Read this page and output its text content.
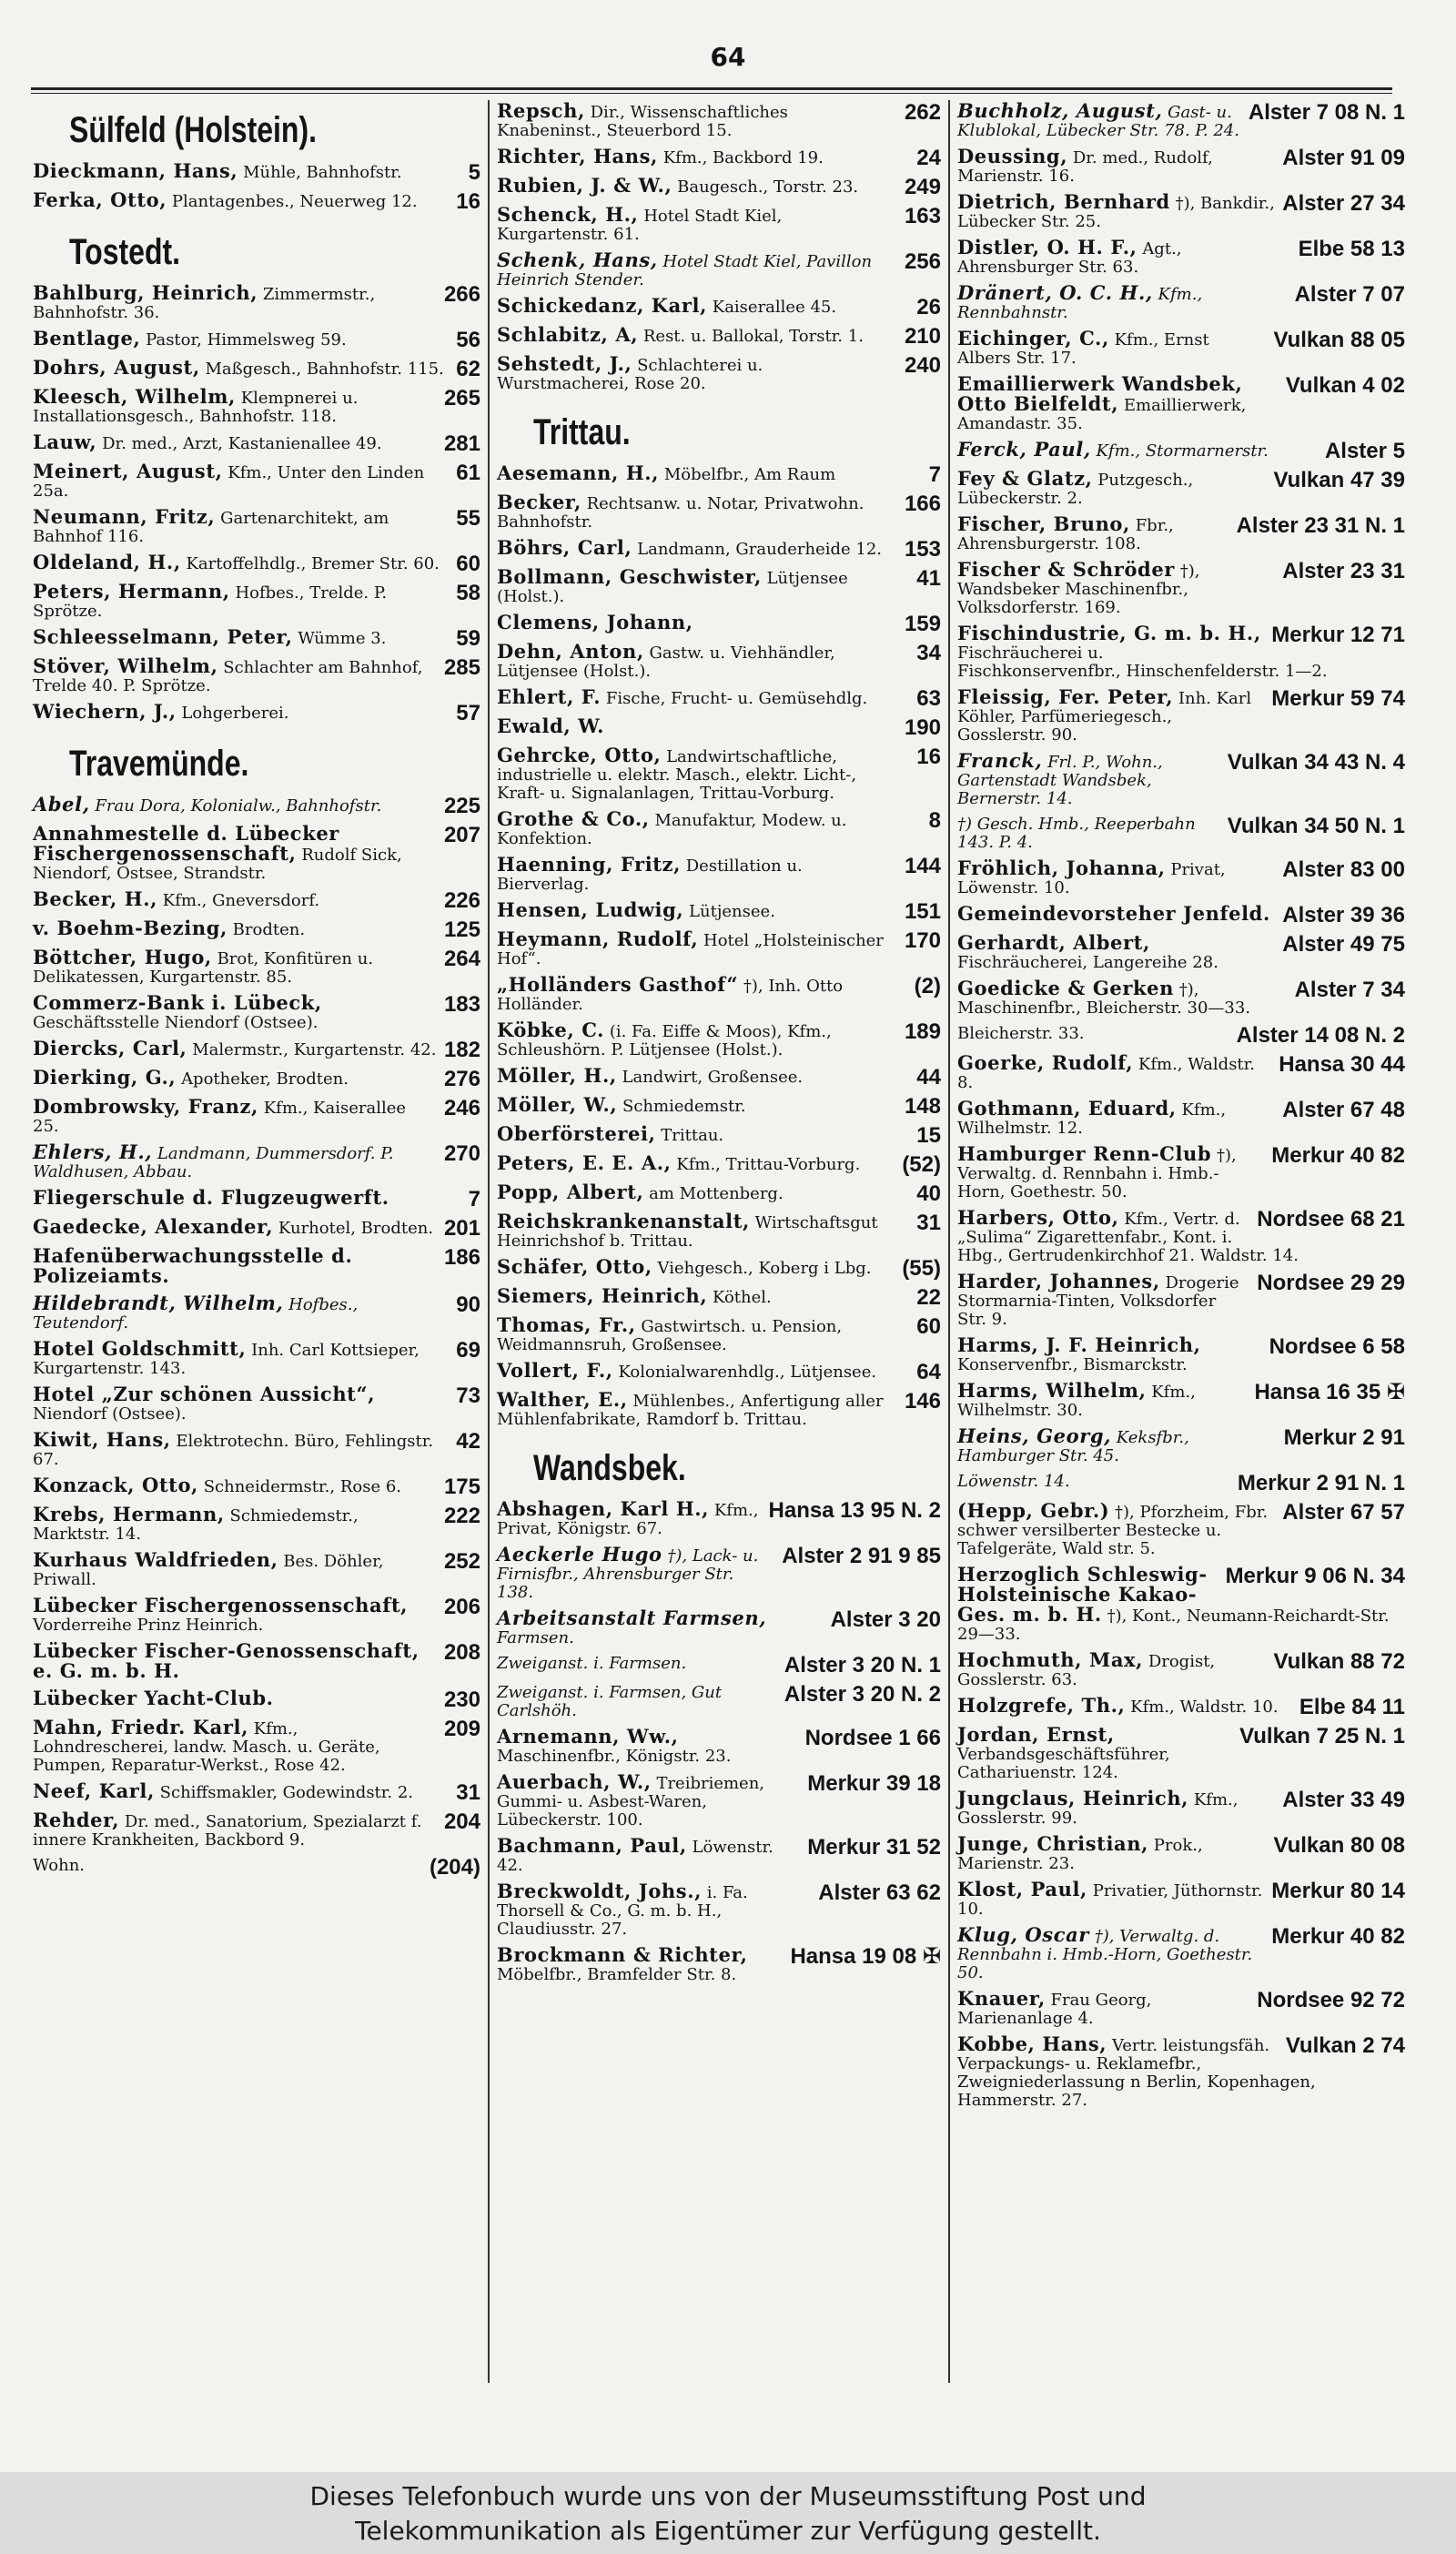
64
Sülfeld (Holstein).
5
Dieckmann, Hans, Mühle, Bahnhofstr.
16
Ferka, Otto, Plantagenbes., Neuerweg 12.
Tostedt.
266
Bahlburg, Heinrich, Zimmermstr., Bahnhofstr. 36.
56
Bentlage, Pastor, Himmelsweg 59.
62
Dohrs, August, Maßgesch., Bahnhofstr. 115.
265
Kleesch, Wilhelm, Klempnerei u. Installationsgesch., Bahnhofstr. 118.
281
Lauw, Dr. med., Arzt, Kastanienallee 49.
61
Meinert, August, Kfm., Unter den Linden 25a.
55
Neumann, Fritz, Gartenarchitekt, am Bahnhof 116.
60
Oldeland, H., Kartoffelhdlg., Bremer Str. 60.
58
Peters, Hermann, Hofbes., Trelde. P. Sprötze.
59
Schleesselmann, Peter, Wümme 3.
285
Stöver, Wilhelm, Schlachter am Bahnhof, Trelde 40. P. Sprötze.
57
Wiechern, J., Lohgerberei.
Travemünde.
225
Abel, Frau Dora, Kolonialw., Bahnhofstr.
207
Annahmestelle d. Lübecker Fischergenossenschaft, Rudolf Sick, Niendorf, Ostsee, Strandstr.
226
Becker, H., Kfm., Gneversdorf.
125
v. Boehm-Bezing, Brodten.
264
Böttcher, Hugo, Brot, Konfitüren u. Delikatessen, Kurgartenstr. 85.
183
Commerz-Bank i. Lübeck, Geschäftsstelle Niendorf (Ostsee).
182
Diercks, Carl, Malermstr., Kurgartenstr. 42.
276
Dierking, G., Apotheker, Brodten.
246
Dombrowsky, Franz, Kfm., Kaiserallee 25.
270
Ehlers, H., Landmann, Dummersdorf. P. Waldhusen, Abbau.
7
Fliegerschule d. Flugzeugwerft.
201
Gaedecke, Alexander, Kurhotel, Brodten.
186
Hafenüberwachungsstelle d. Polizeiamts.
90
Hildebrandt, Wilhelm, Hofbes., Teutendorf.
69
Hotel Goldschmitt, Inh. Carl Kottsieper, Kurgartenstr. 143.
73
Hotel „Zur schönen Aussicht“, Niendorf (Ostsee).
42
Kiwit, Hans, Elektrotechn. Büro, Fehlingstr. 67.
175
Konzack, Otto, Schneidermstr., Rose 6.
222
Krebs, Hermann, Schmiedemstr., Marktstr. 14.
252
Kurhaus Waldfrieden, Bes. Döhler, Priwall.
206
Lübecker Fischergenossenschaft, Vorderreihe Prinz Heinrich.
208
Lübecker Fischer-Genossenschaft, e. G. m. b. H.
230
Lübecker Yacht-Club.
209
Mahn, Friedr. Karl, Kfm., Lohndrescherei, landw. Masch. u. Geräte, Pumpen, Reparatur-Werkst., Rose 42.
31
Neef, Karl, Schiffsmakler, Godewindstr. 2.
204
Rehder, Dr. med., Sanatorium, Spezialarzt f. innere Krankheiten, Backbord 9.
(204)
Wohn.
262
Repsch, Dir., Wissenschaftliches Knabeninst., Steuerbord 15.
24
Richter, Hans, Kfm., Backbord 19.
249
Rubien, J. & W., Baugesch., Torstr. 23.
163
Schenck, H., Hotel Stadt Kiel, Kurgartenstr. 61.
256
Schenk, Hans, Hotel Stadt Kiel, Pavillon Heinrich Stender.
26
Schickedanz, Karl, Kaiserallee 45.
210
Schlabitz, A, Rest. u. Ballokal, Torstr. 1.
240
Sehstedt, J., Schlachterei u. Wurstmacherei, Rose 20.
Trittau.
7
Aesemann, H., Möbelfbr., Am Raum
166
Becker, Rechtsanw. u. Notar, Privatwohn. Bahnhofstr.
153
Böhrs, Carl, Landmann, Grauderheide 12.
41
Bollmann, Geschwister, Lütjensee (Holst.).
159
Clemens, Johann,
34
Dehn, Anton, Gastw. u. Viehhändler, Lütjensee (Holst.).
63
Ehlert, F. Fische, Frucht- u. Gemüsehdlg.
190
Ewald, W.
16
Gehrcke, Otto, Landwirtschaftliche, industrielle u. elektr. Masch., elektr. Licht-, Kraft- u. Signalanlagen, Trittau-Vorburg.
8
Grothe & Co., Manufaktur, Modew. u. Konfektion.
144
Haenning, Fritz, Destillation u. Bierverlag.
151
Hensen, Ludwig, Lütjensee.
170
Heymann, Rudolf, Hotel „Holsteinischer Hof“.
(2)
„Holländers Gasthof“ †), Inh. Otto Holländer.
189
Köbke, C. (i. Fa. Eiffe & Moos), Kfm., Schleushörn. P. Lütjensee (Holst.).
44
Möller, H., Landwirt, Großensee.
148
Möller, W., Schmiedemstr.
15
Oberförsterei, Trittau.
(52)
Peters, E. E. A., Kfm., Trittau-Vorburg.
40
Popp, Albert, am Mottenberg.
31
Reichskrankenanstalt, Wirtschaftsgut Heinrichshof b. Trittau.
(55)
Schäfer, Otto, Viehgesch., Koberg i Lbg.
22
Siemers, Heinrich, Köthel.
60
Thomas, Fr., Gastwirtsch. u. Pension, Weidmannsruh, Großensee.
64
Vollert, F., Kolonialwarenhdlg., Lütjensee.
146
Walther, E., Mühlenbes., Anfertigung aller Mühlenfabrikate, Ramdorf b. Trittau.
Wandsbek.
Hansa 13 95 N. 2
Abshagen, Karl H., Kfm., Privat, Königstr. 67.
Alster 2 91 9 85
Aeckerle Hugo †), Lack- u. Firnisfbr., Ahrensburger Str. 138.
Alster 3 20
Arbeitsanstalt Farmsen, Farmsen.
Alster 3 20 N. 1
Zweiganst. i. Farmsen.
Alster 3 20 N. 2
Zweiganst. i. Farmsen, Gut Carlshöh.
Nordsee 1 66
Arnemann, Ww., Maschinenfbr., Königstr. 23.
Merkur 39 18
Auerbach, W., Treibriemen, Gummi- u. Asbest-Waren, Lübeckerstr. 100.
Merkur 31 52
Bachmann, Paul, Löwenstr. 42.
Alster 63 62
Breckwoldt, Johs., i. Fa. Thorsell & Co., G. m. b. H., Claudiusstr. 27.
Hansa 19 08 ✠
Brockmann & Richter, Möbelfbr., Bramfelder Str. 8.
Alster 7 08 N. 1
Buchholz, August, Gast- u. Klublokal, Lübecker Str. 78. P. 24.
Alster 91 09
Deussing, Dr. med., Rudolf, Marienstr. 16.
Alster 27 34
Dietrich, Bernhard †), Bankdir., Lübecker Str. 25.
Elbe 58 13
Distler, O. H. F., Agt., Ahrensburger Str. 63.
Alster 7 07
Dränert, O. C. H., Kfm., Rennbahnstr.
Vulkan 88 05
Eichinger, C., Kfm., Ernst Albers Str. 17.
Vulkan 4 02
Emaillierwerk Wandsbek, Otto Bielfeldt, Emaillierwerk, Amandastr. 35.
Alster 5
Ferck, Paul, Kfm., Stormarnerstr.
Vulkan 47 39
Fey & Glatz, Putzgesch., Lübeckerstr. 2.
Alster 23 31 N. 1
Fischer, Bruno, Fbr., Ahrensburgerstr. 108.
Alster 23 31
Fischer & Schröder †), Wandsbeker Maschinenfbr., Volksdorferstr. 169.
Merkur 12 71
Fischindustrie, G. m. b. H., Fischräucherei u. Fischkonservenfbr., Hinschenfelderstr. 1—2.
Merkur 59 74
Fleissig, Fer. Peter, Inh. Karl Köhler, Parfümeriegesch., Gosslerstr. 90.
Vulkan 34 43 N. 4
Franck, Frl. P., Wohn., Gartenstadt Wandsbek, Bernerstr. 14.
Vulkan 34 50 N. 1
†) Gesch. Hmb., Reeperbahn 143. P. 4.
Alster 83 00
Fröhlich, Johanna, Privat, Löwenstr. 10.
Alster 39 36
Gemeindevorsteher Jenfeld.
Alster 49 75
Gerhardt, Albert, Fischräucherei, Langereihe 28.
Alster 7 34
Goedicke & Gerken †), Maschinenfbr., Bleicherstr. 30—33.
Alster 14 08 N. 2
Bleicherstr. 33.
Hansa 30 44
Goerke, Rudolf, Kfm., Waldstr. 8.
Alster 67 48
Gothmann, Eduard, Kfm., Wilhelmstr. 12.
Merkur 40 82
Hamburger Renn-Club †), Verwaltg. d. Rennbahn i. Hmb.-Horn, Goethestr. 50.
Nordsee 68 21
Harbers, Otto, Kfm., Vertr. d. „Sulima“ Zigarettenfabr., Kont. i. Hbg., Gertrudenkirchhof 21. Waldstr. 14.
Nordsee 29 29
Harder, Johannes, Drogerie Stormarnia-Tinten, Volksdorfer Str. 9.
Nordsee 6 58
Harms, J. F. Heinrich, Konservenfbr., Bismarckstr.
Hansa 16 35 ✠
Harms, Wilhelm, Kfm., Wilhelmstr. 30.
Merkur 2 91
Heins, Georg, Keksfbr., Hamburger Str. 45.
Merkur 2 91 N. 1
Löwenstr. 14.
Alster 67 57
(Hepp, Gebr.) †), Pforzheim, Fbr. schwer versilberter Bestecke u. Tafelgeräte, Wald str. 5.
Merkur 9 06 N. 34
Herzoglich Schleswig-Holsteinische Kakao-Ges. m. b. H. †), Kont., Neumann-Reichardt-Str. 29—33.
Vulkan 88 72
Hochmuth, Max, Drogist, Gosslerstr. 63.
Elbe 84 11
Holzgrefe, Th., Kfm., Waldstr. 10.
Vulkan 7 25 N. 1
Jordan, Ernst, Verbandsgeschäftsführer, Cathariuenstr. 124.
Alster 33 49
Jungclaus, Heinrich, Kfm., Gosslerstr. 99.
Vulkan 80 08
Junge, Christian, Prok., Marienstr. 23.
Merkur 80 14
Klost, Paul, Privatier, Jüthornstr. 10.
Merkur 40 82
Klug, Oscar †), Verwaltg. d. Rennbahn i. Hmb.-Horn, Goethestr. 50.
Nordsee 92 72
Knauer, Frau Georg, Marienanlage 4.
Vulkan 2 74
Kobbe, Hans, Vertr. leistungsfäh. Verpackungs- u. Reklamefbr., Zweigniederlassung n Berlin, Kopenhagen, Hammerstr. 27.

Dieses Telefonbuch wurde uns von der Museumsstiftung Post und

Telekommunikation als Eigentümer zur Verfügung gestellt.
